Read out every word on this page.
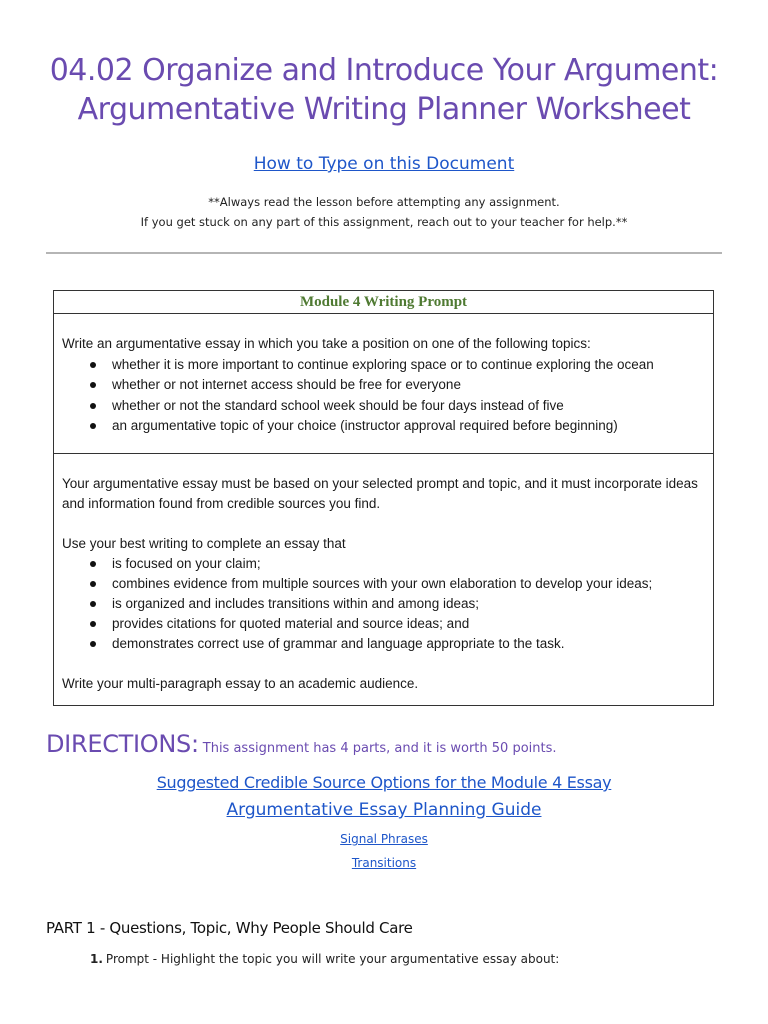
04.02 Organize and Introduce Your Argument:
Argumentative Writing Planner Worksheet
How to Type on this Document
**Always read the lesson before attempting any assignment.
If you get stuck on any part of this assignment, reach out to your teacher for help.**
Module 4 Writing Prompt
Write an argumentative essay in which you take a position on one of the following topics:
whether it is more important to continue exploring space or to continue exploring the ocean
whether or not internet access should be free for everyone
whether or not the standard school week should be four days instead of five
an argumentative topic of your choice (instructor approval required before beginning)
Your argumentative essay must be based on your selected prompt and topic, and it must incorporate ideas and information found from credible sources you find.
Use your best writing to complete an essay that
is focused on your claim;
combines evidence from multiple sources with your own elaboration to develop your ideas;
is organized and includes transitions within and among ideas;
provides citations for quoted material and source ideas; and
demonstrates correct use of grammar and language appropriate to the task.
Write your multi-paragraph essay to an academic audience.
DIRECTIONS: This assignment has 4 parts, and it is worth 50 points.
Suggested Credible Source Options for the Module 4 Essay
Argumentative Essay Planning Guide
Signal Phrases
Transitions
PART 1 - Questions, Topic, Why People Should Care
1. Prompt - Highlight the topic you will write your argumentative essay about:
